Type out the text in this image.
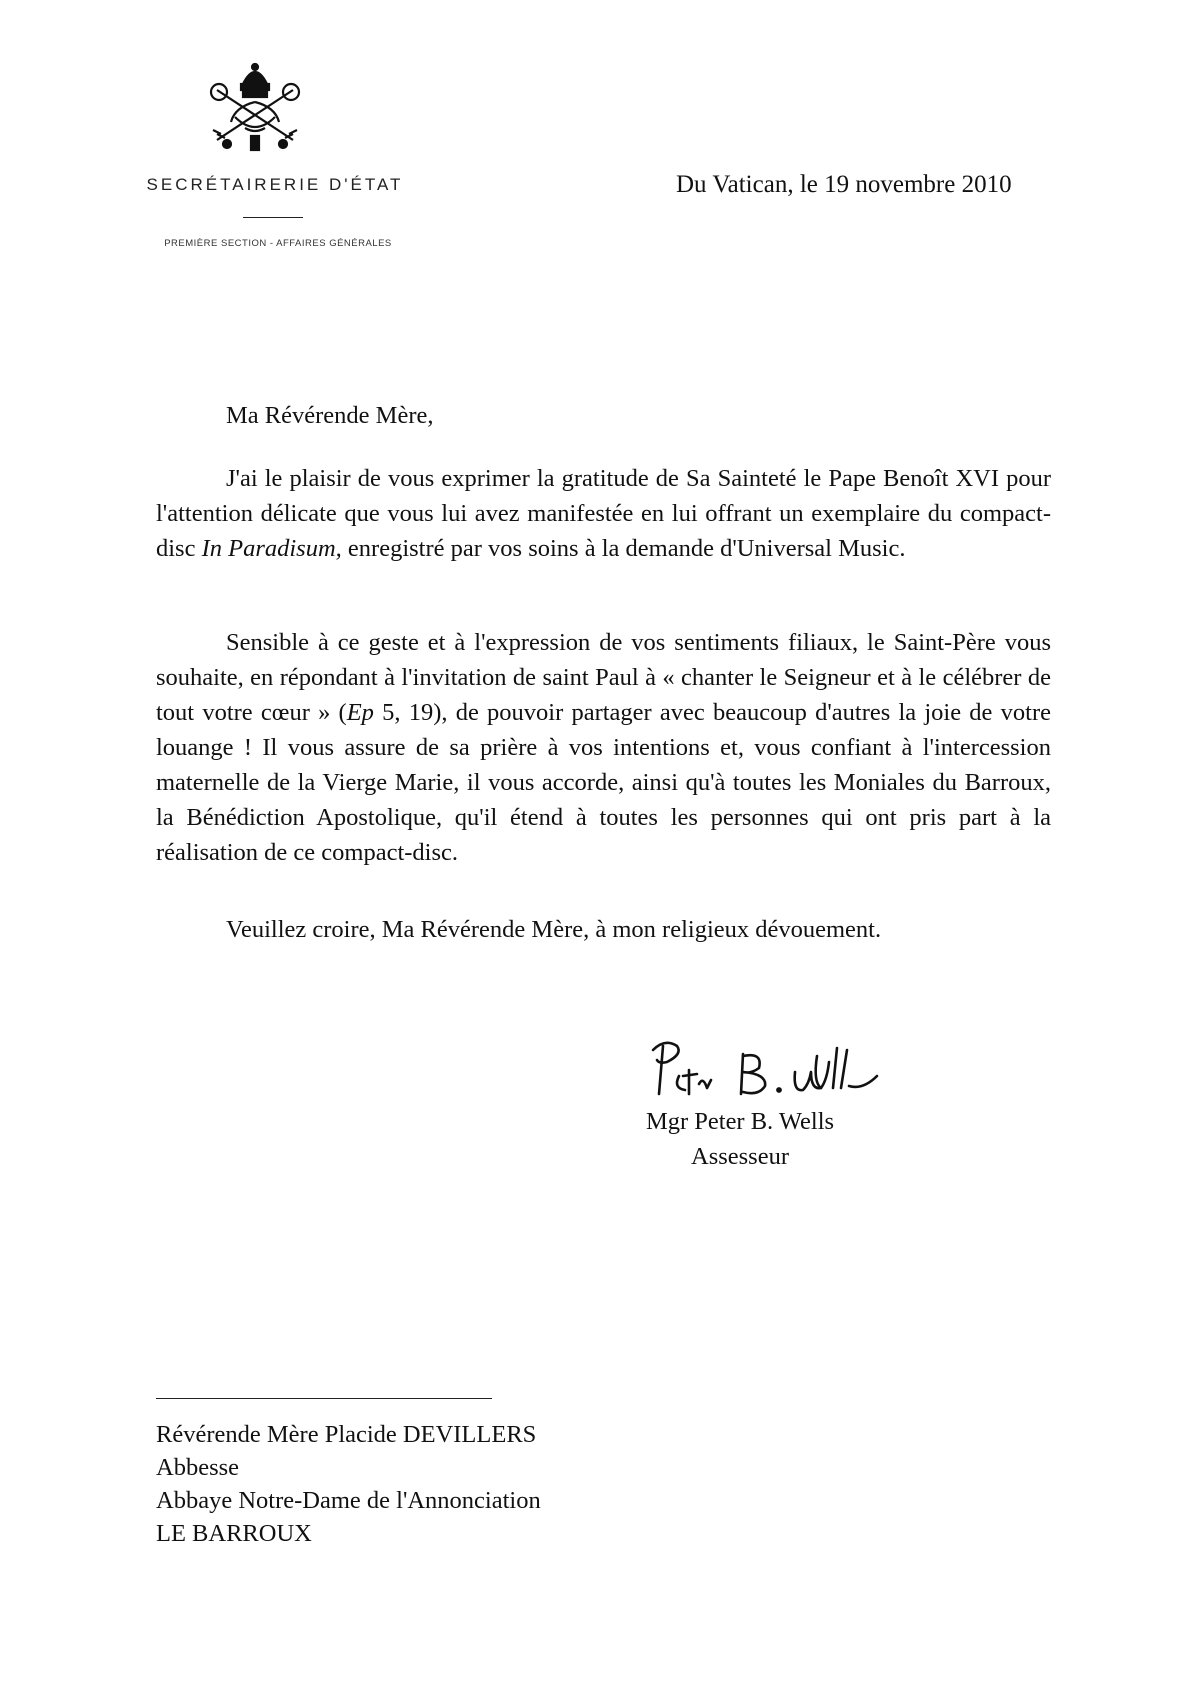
SECRÉTAIRERIE D'ÉTAT
PREMIÈRE SECTION - AFFAIRES GÉNÉRALES
Du Vatican, le 19 novembre 2010
Ma Révérende Mère,

J'ai le plaisir de vous exprimer la gratitude de Sa Sainteté le Pape Benoît XVI pour l'attention délicate que vous lui avez manifestée en lui offrant un exemplaire du compact-disc In Paradisum, enregistré par vos soins à la demande d'Universal Music.

Sensible à ce geste et à l'expression de vos sentiments filiaux, le Saint-Père vous souhaite, en répondant à l'invitation de saint Paul à « chanter le Seigneur et à le célébrer de tout votre cœur » (Ep 5, 19), de pouvoir partager avec beaucoup d'autres la joie de votre louange ! Il vous assure de sa prière à vos intentions et, vous confiant à l'intercession maternelle de la Vierge Marie, il vous accorde, ainsi qu'à toutes les Moniales du Barroux, la Bénédiction Apostolique, qu'il étend à toutes les personnes qui ont pris part à la réalisation de ce compact-disc.

Veuillez croire, Ma Révérende Mère, à mon religieux dévouement.
Mgr Peter B. Wells
Assesseur
Révérende Mère Placide DEVILLERS
Abbesse
Abbaye Notre-Dame de l'Annonciation
LE BARROUX
